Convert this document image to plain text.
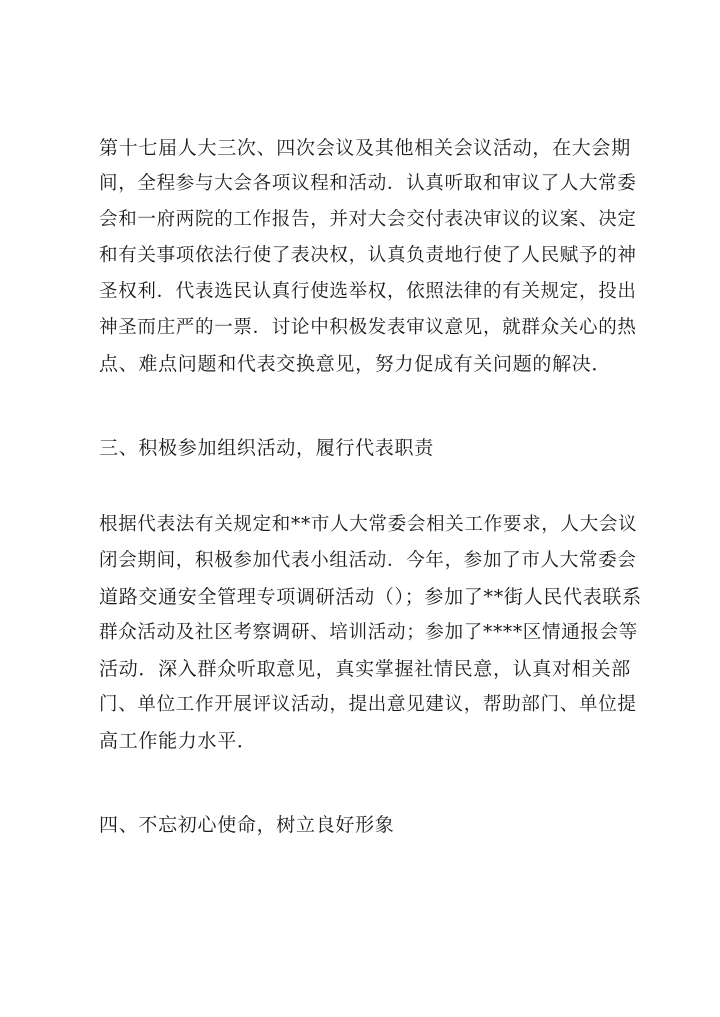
第十七届人大三次、四次会议及其他相关会议活动，在大会期
间，全程参与大会各项议程和活动．认真听取和审议了人大常委
会和一府两院的工作报告，并对大会交付表决审议的议案、决定
和有关事项依法行使了表决权，认真负责地行使了人民赋予的神
圣权利．代表选民认真行使选举权，依照法律的有关规定，投出
神圣而庄严的一票．讨论中积极发表审议意见，就群众关心的热
点、难点问题和代表交换意见，努力促成有关问题的解决．
三、积极参加组织活动，履行代表职责
根据代表法有关规定和**市人大常委会相关工作要求，人大会议
闭会期间，积极参加代表小组活动．今年，参加了市人大常委会
道路交通安全管理专项调研活动（）；参加了**街人民代表联系
群众活动及社区考察调研、培训活动；参加了****区情通报会等
活动．深入群众听取意见，真实掌握社情民意，认真对相关部
门、单位工作开展评议活动，提出意见建议，帮助部门、单位提
高工作能力水平．
四、不忘初心使命，树立良好形象
